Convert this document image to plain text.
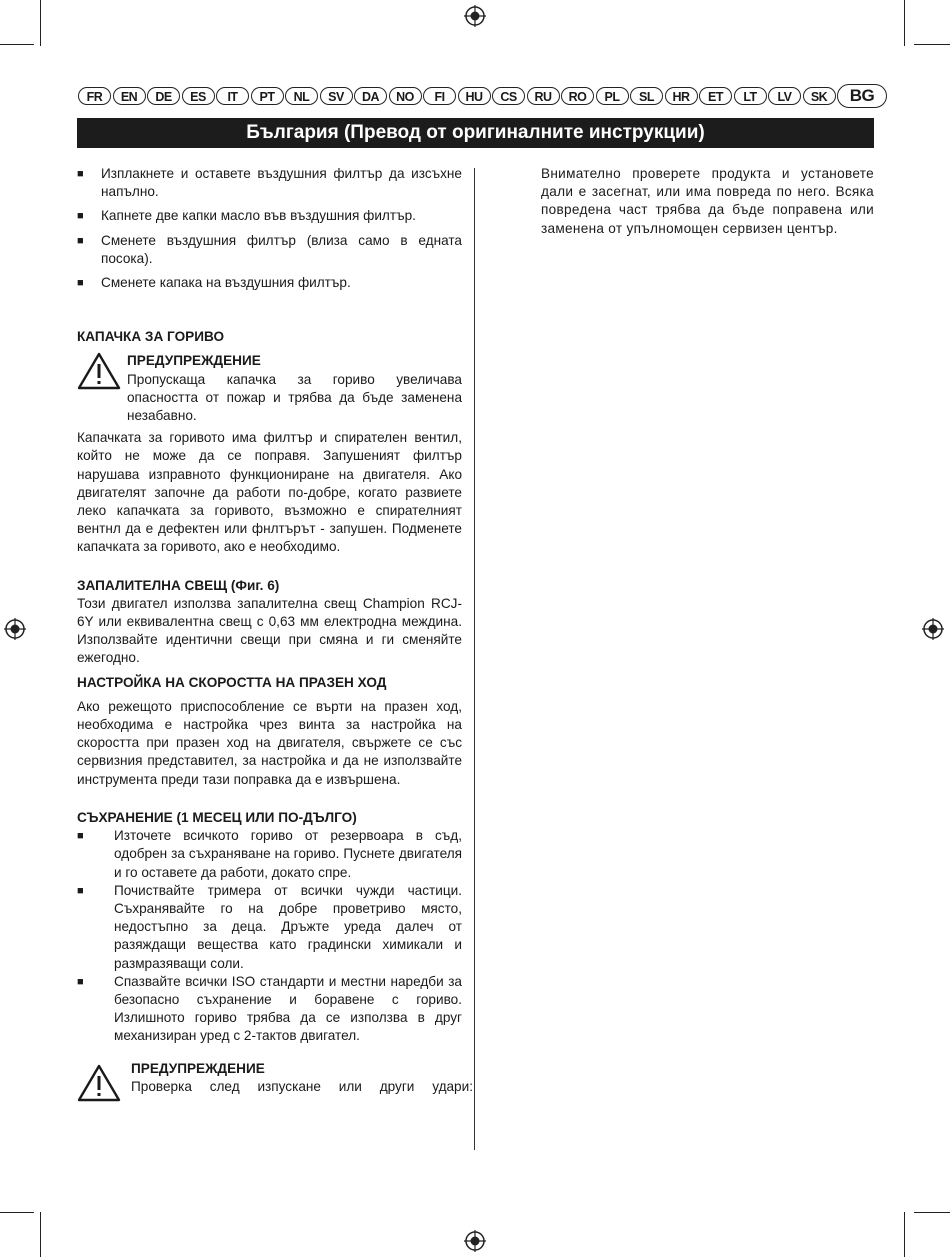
FR	EN	DE	ES	IT	PT	NL	SV	DA	NO	FI	HU	CS	RU	RO	PL	SL	HR	ET	LT	LV	SK	BG
България (Превод от оригиналните инструкции)
■ Изплакнете и оставете въздушния филтър да изсъхне напълно.
■ Капнете две капки масло във въздушния филтър.
■ Сменете въздушния филтър (влиза само в едната посока).
■ Сменете капака на въздушния филтър.
КАПАЧКА ЗА ГОРИВО
ПРЕДУПРЕЖДЕНИЕ

Пропускаща капачка за гориво увеличава опасността от пожар и трябва да бъде заменена незабавно.

Капачката за горивото има филтър и спирателен вентил, който не може да се поправя. Запушеният филтър нарушава изправното функциониране на двигателя. Ако двигателят започне да работи по-добре, когато развиете леко капачката за горивото, възможно е спирателният вентнл да е дефектен или фнлтърът - запушен. Подменете капачката за горивото, ако е необходимо.

ЗАПАЛИТЕЛНА СВЕЩ (Фиг. 6)

Този двигател използва запалителна свещ Champion RCJ-6Y или еквивалентна свещ с 0,63 мм електродна междина. Използвайте идентични свещи при смяна и ги сменяйте ежегодно.

НАСТРОЙКА НА СКОРОСТТА НА ПРАЗЕН ХОД

Ако режещото приспособление се върти на празен ход, необходима е настройка чрез винта за настройка на скоростта при празен ход на двигателя, свържете се със сервизния представител, за настройка и да не използвайте инструмента преди тази поправка да е извършена.

СЪХРАНЕНИЕ (1 МЕСЕЦ ИЛИ ПО-ДЪЛГО)
■ Източете всичкото гориво от резервоара в съд, одобрен за съхраняване на гориво. Пуснете двигателя и го оставете да работи, докато спре.
■ Почиствайте тримера от всички чужди частици. Съхранявайте го на добре проветриво място, недостъпно за деца. Дръжте уреда далеч от разяждащи вещества като градински химикали и размразяващи соли.
■ Спазвайте всички ISO стандарти и местни наредби за безопасно съхранение и боравене с гориво. Излишното гориво трябва да се използва в друг механизиран уред с 2-тактов двигател.
ПРЕДУПРЕЖДЕНИЕ

Проверка след изпускане или други удари:

Внимателно проверете продукта и установете дали е засегнат, или има повреда по него. Всяка повредена част трябва да бъде поправена или заменена от упълномощен сервизен център.
